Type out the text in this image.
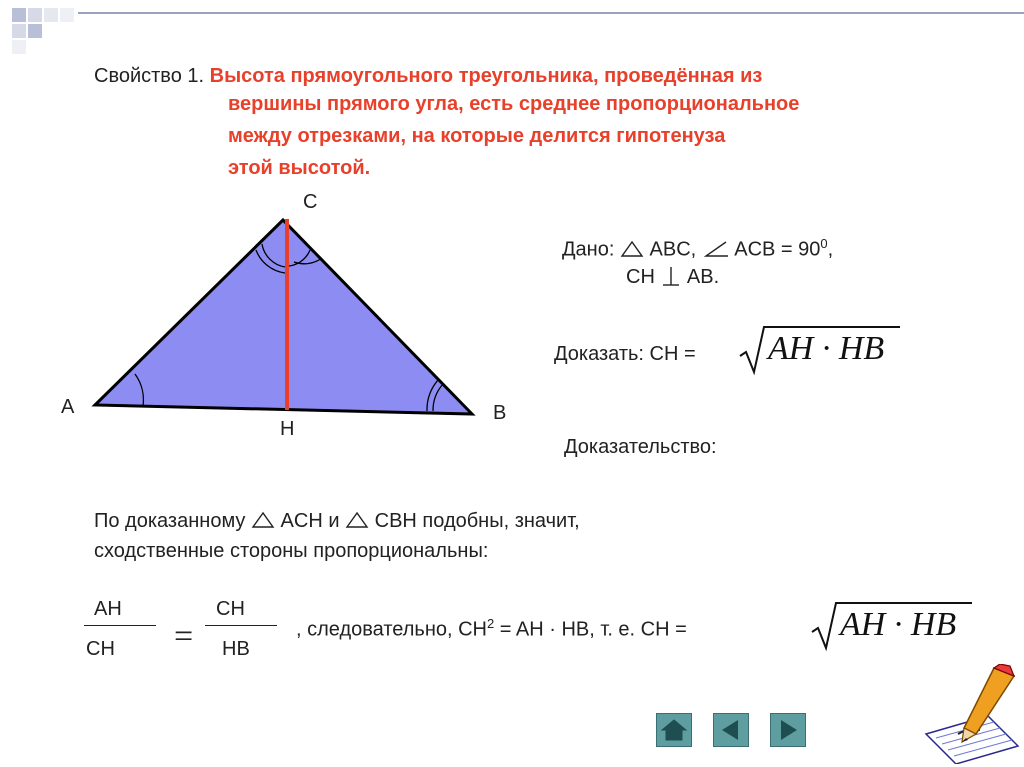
Свойство 1. Высота прямоугольного треугольника, проведённая из
вершины прямого угла, есть среднее пропорциональное
между отрезками, на которые делится гипотенуза
этой высотой.
C
A	B
H
Дано: ABC, ACB = $90^0$,
CH AB.
Доказать: CH = AH · HB
Доказательство:
По доказанному ACH и CBH подобны, значит,
сходственные стороны пропорциональны:
AH
CH =
CH
HB
, следовательно, $CH^2$ = AH · HB, т. е. CH =	AH · HB
